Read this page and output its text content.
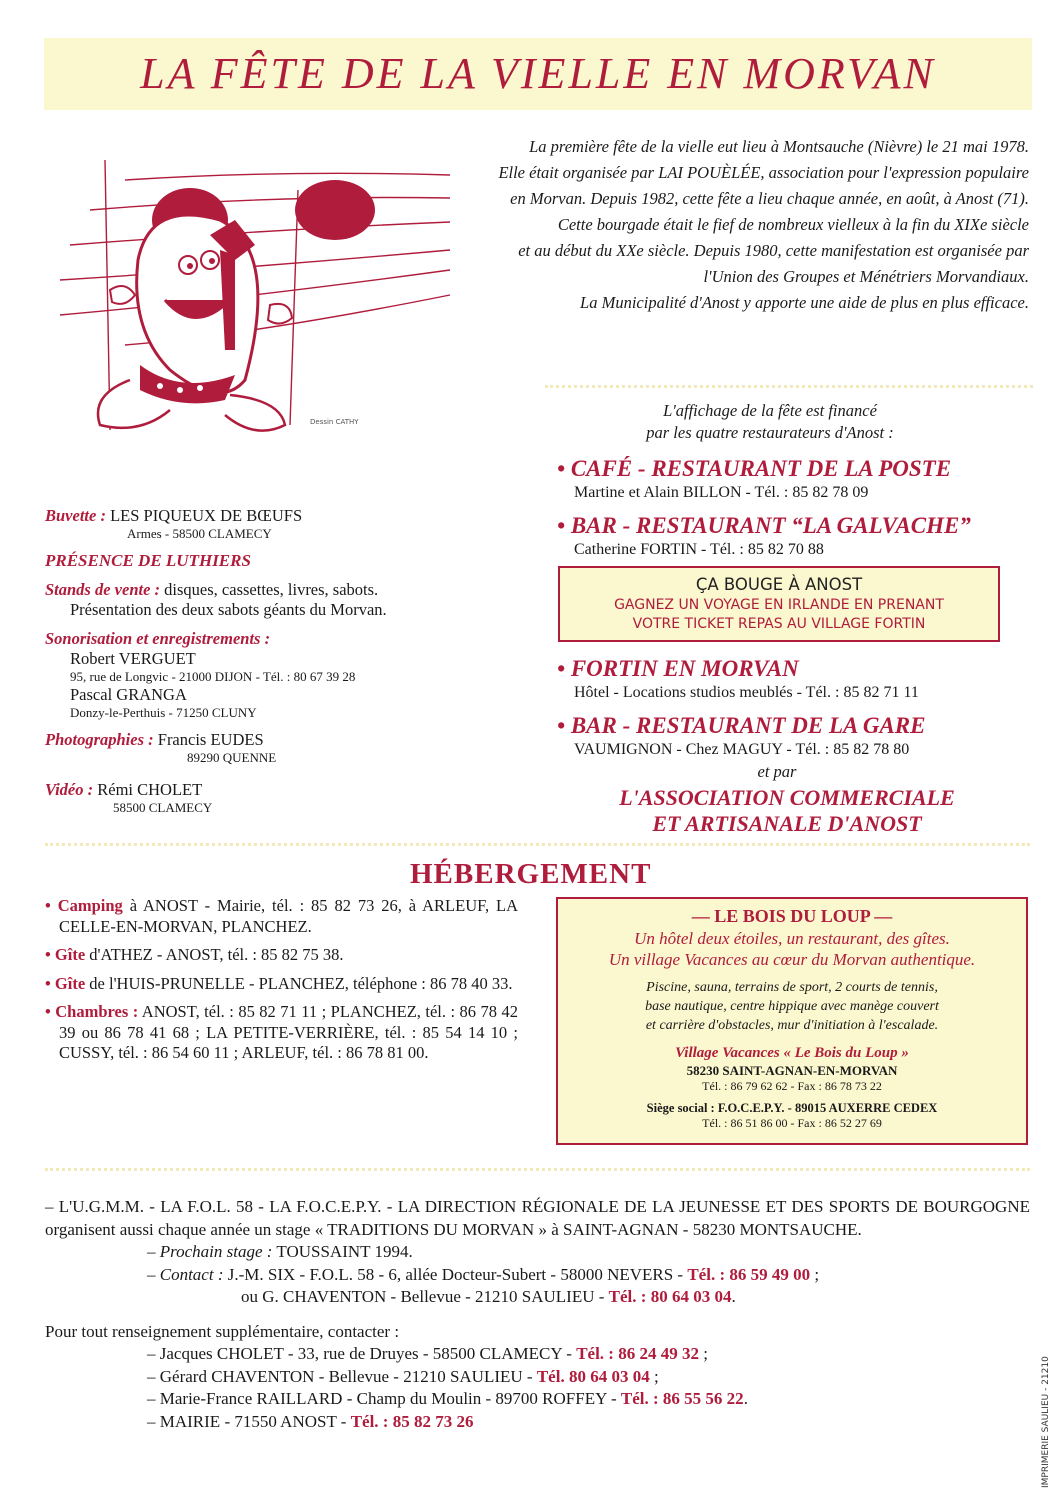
LA FÊTE DE LA VIELLE EN MORVAN
La première fête de la vielle eut lieu à Montsauche (Nièvre) le 21 mai 1978.
Elle était organisée par LAI POUÈLÉE, association pour l'expression populaire
en Morvan. Depuis 1982, cette fête a lieu chaque année, en août, à Anost (71).
Cette bourgade était le fief de nombreux vielleux à la fin du XIXe siècle
et au début du XXe siècle. Depuis 1980, cette manifestation est organisée par
l'Union des Groupes et Ménétriers Morvandiaux.
La Municipalité d'Anost y apporte une aide de plus en plus efficace.
Dessin CATHY
L'affichage de la fête est financé
par les quatre restaurateurs d'Anost :
• CAFÉ - RESTAURANT DE LA POSTE
Martine et Alain BILLON - Tél. : 85 82 78 09
• BAR - RESTAURANT “LA GALVACHE”
Catherine FORTIN - Tél. : 85 82 70 88
ÇA BOUGE À ANOST
GAGNEZ UN VOYAGE EN IRLANDE EN PRENANT
VOTRE TICKET REPAS AU VILLAGE FORTIN
• FORTIN EN MORVAN
Hôtel - Locations studios meublés - Tél. : 85 82 71 11
• BAR - RESTAURANT DE LA GARE
VAUMIGNON - Chez MAGUY - Tél. : 85 82 78 80
et par
L'ASSOCIATION COMMERCIALE
ET ARTISANALE D'ANOST
Buvette : LES PIQUEUX DE BŒUFS
Armes - 58500 CLAMECY
PRÉSENCE DE LUTHIERS
Stands de vente : disques, cassettes, livres, sabots.
Présentation des deux sabots géants du Morvan.
Sonorisation et enregistrements :
Robert VERGUET
95, rue de Longvic - 21000 DIJON - Tél. : 80 67 39 28
Pascal GRANGA
Donzy-le-Perthuis - 71250 CLUNY
Photographies : Francis EUDES
89290 QUENNE
Vidéo : Rémi CHOLET
58500 CLAMECY
HÉBERGEMENT
• Camping à ANOST - Mairie, tél. : 85 82 73 26, à ARLEUF, LA CELLE-EN-MORVAN, PLANCHEZ.
• Gîte d'ATHEZ - ANOST, tél. : 85 82 75 38.
• Gîte de l'HUIS-PRUNELLE - PLANCHEZ, téléphone : 86 78 40 33.
• Chambres : ANOST, tél. : 85 82 71 11 ; PLANCHEZ, tél. : 86 78 42 39 ou 86 78 41 68 ; LA PETITE-VERRIÈRE, tél. : 85 54 14 10 ; CUSSY, tél. : 86 54 60 11 ; ARLEUF, tél. : 86 78 81 00.
— LE BOIS DU LOUP —
Un hôtel deux étoiles, un restaurant, des gîtes.
Un village Vacances au cœur du Morvan authentique.
Piscine, sauna, terrains de sport, 2 courts de tennis,
base nautique, centre hippique avec manège couvert
et carrière d'obstacles, mur d'initiation à l'escalade.
Village Vacances « Le Bois du Loup »
58230 SAINT-AGNAN-EN-MORVAN
Tél. : 86 79 62 62 - Fax : 86 78 73 22
Siège social : F.O.C.E.P.Y. - 89015 AUXERRE CEDEX
Tél. : 86 51 86 00 - Fax : 86 52 27 69
– L'U.G.M.M. - LA F.O.L. 58 - LA F.O.C.E.P.Y. - LA DIRECTION RÉGIONALE DE LA JEUNESSE ET DES SPORTS DE BOURGOGNE organisent aussi chaque année un stage « TRADITIONS DU MORVAN » à SAINT-AGNAN - 58230 MONTSAUCHE.
– Prochain stage : TOUSSAINT 1994.
– Contact : J.-M. SIX - F.O.L. 58 - 6, allée Docteur-Subert - 58000 NEVERS - Tél. : 86 59 49 00 ;
ou G. CHAVENTON - Bellevue - 21210 SAULIEU - Tél. : 80 64 03 04.
Pour tout renseignement supplémentaire, contacter :
– Jacques CHOLET - 33, rue de Druyes - 58500 CLAMECY - Tél. : 86 24 49 32 ;
– Gérard CHAVENTON - Bellevue - 21210 SAULIEU - Tél. 80 64 03 04 ;
– Marie-France RAILLARD - Champ du Moulin - 89700 ROFFEY - Tél. : 86 55 56 22.
– MAIRIE - 71550 ANOST - Tél. : 85 82 73 26	IMPRIMERIE SAULIEU - 21210
